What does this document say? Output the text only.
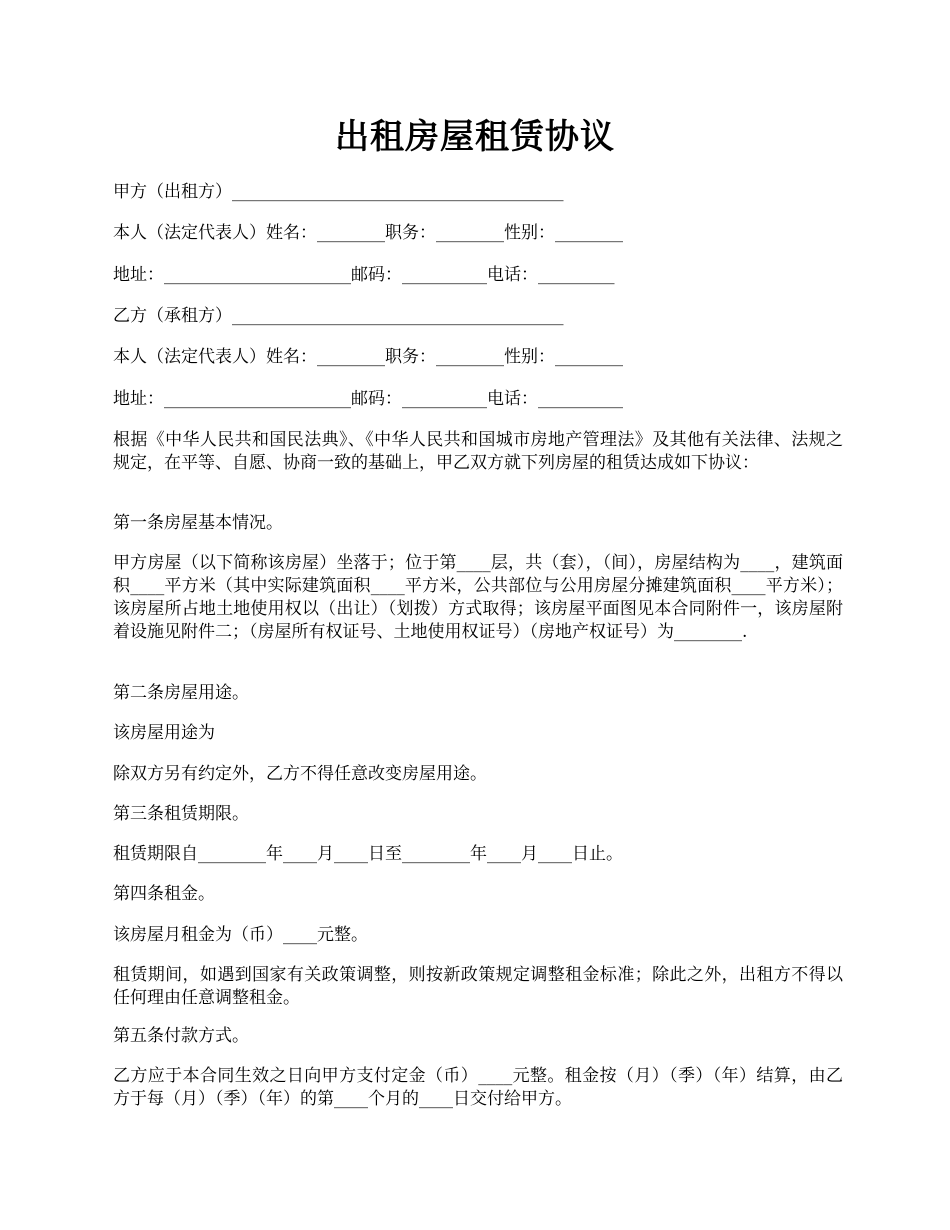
出租房屋租赁协议
甲方（出租方）_______________________________________
本人（法定代表人）姓名：________职务：________性别：________
地址：______________________邮码：__________电话：_________
乙方（承租方）_______________________________________
本人（法定代表人）姓名：________职务：________性别：________
地址：______________________邮码：__________电话：__________
根据《中华人民共和国民法典》、《中华人民共和国城市房地产管理法》及其他有关法律、法规之规定，在平等、自愿、协商一致的基础上，甲乙双方就下列房屋的租赁达成如下协议：
第一条房屋基本情况。
甲方房屋（以下简称该房屋）坐落于；位于第____层，共（套），（间），房屋结构为____，建筑面积____平方米（其中实际建筑面积____平方米，公共部位与公用房屋分摊建筑面积____平方米）；该房屋所占地土地使用权以（出让）（划拨）方式取得；该房屋平面图见本合同附件一，该房屋附着设施见附件二；（房屋所有权证号、土地使用权证号）（房地产权证号）为________.
第二条房屋用途。
该房屋用途为
除双方另有约定外，乙方不得任意改变房屋用途。
第三条租赁期限。
租赁期限自________年____月____日至________年____月____日止。
第四条租金。
该房屋月租金为（币）____元整。
租赁期间，如遇到国家有关政策调整，则按新政策规定调整租金标准；除此之外，出租方不得以任何理由任意调整租金。
第五条付款方式。
乙方应于本合同生效之日向甲方支付定金（币）____元整。租金按（月）（季）（年）结算，由乙方于每（月）（季）（年）的第____个月的____日交付给甲方。
